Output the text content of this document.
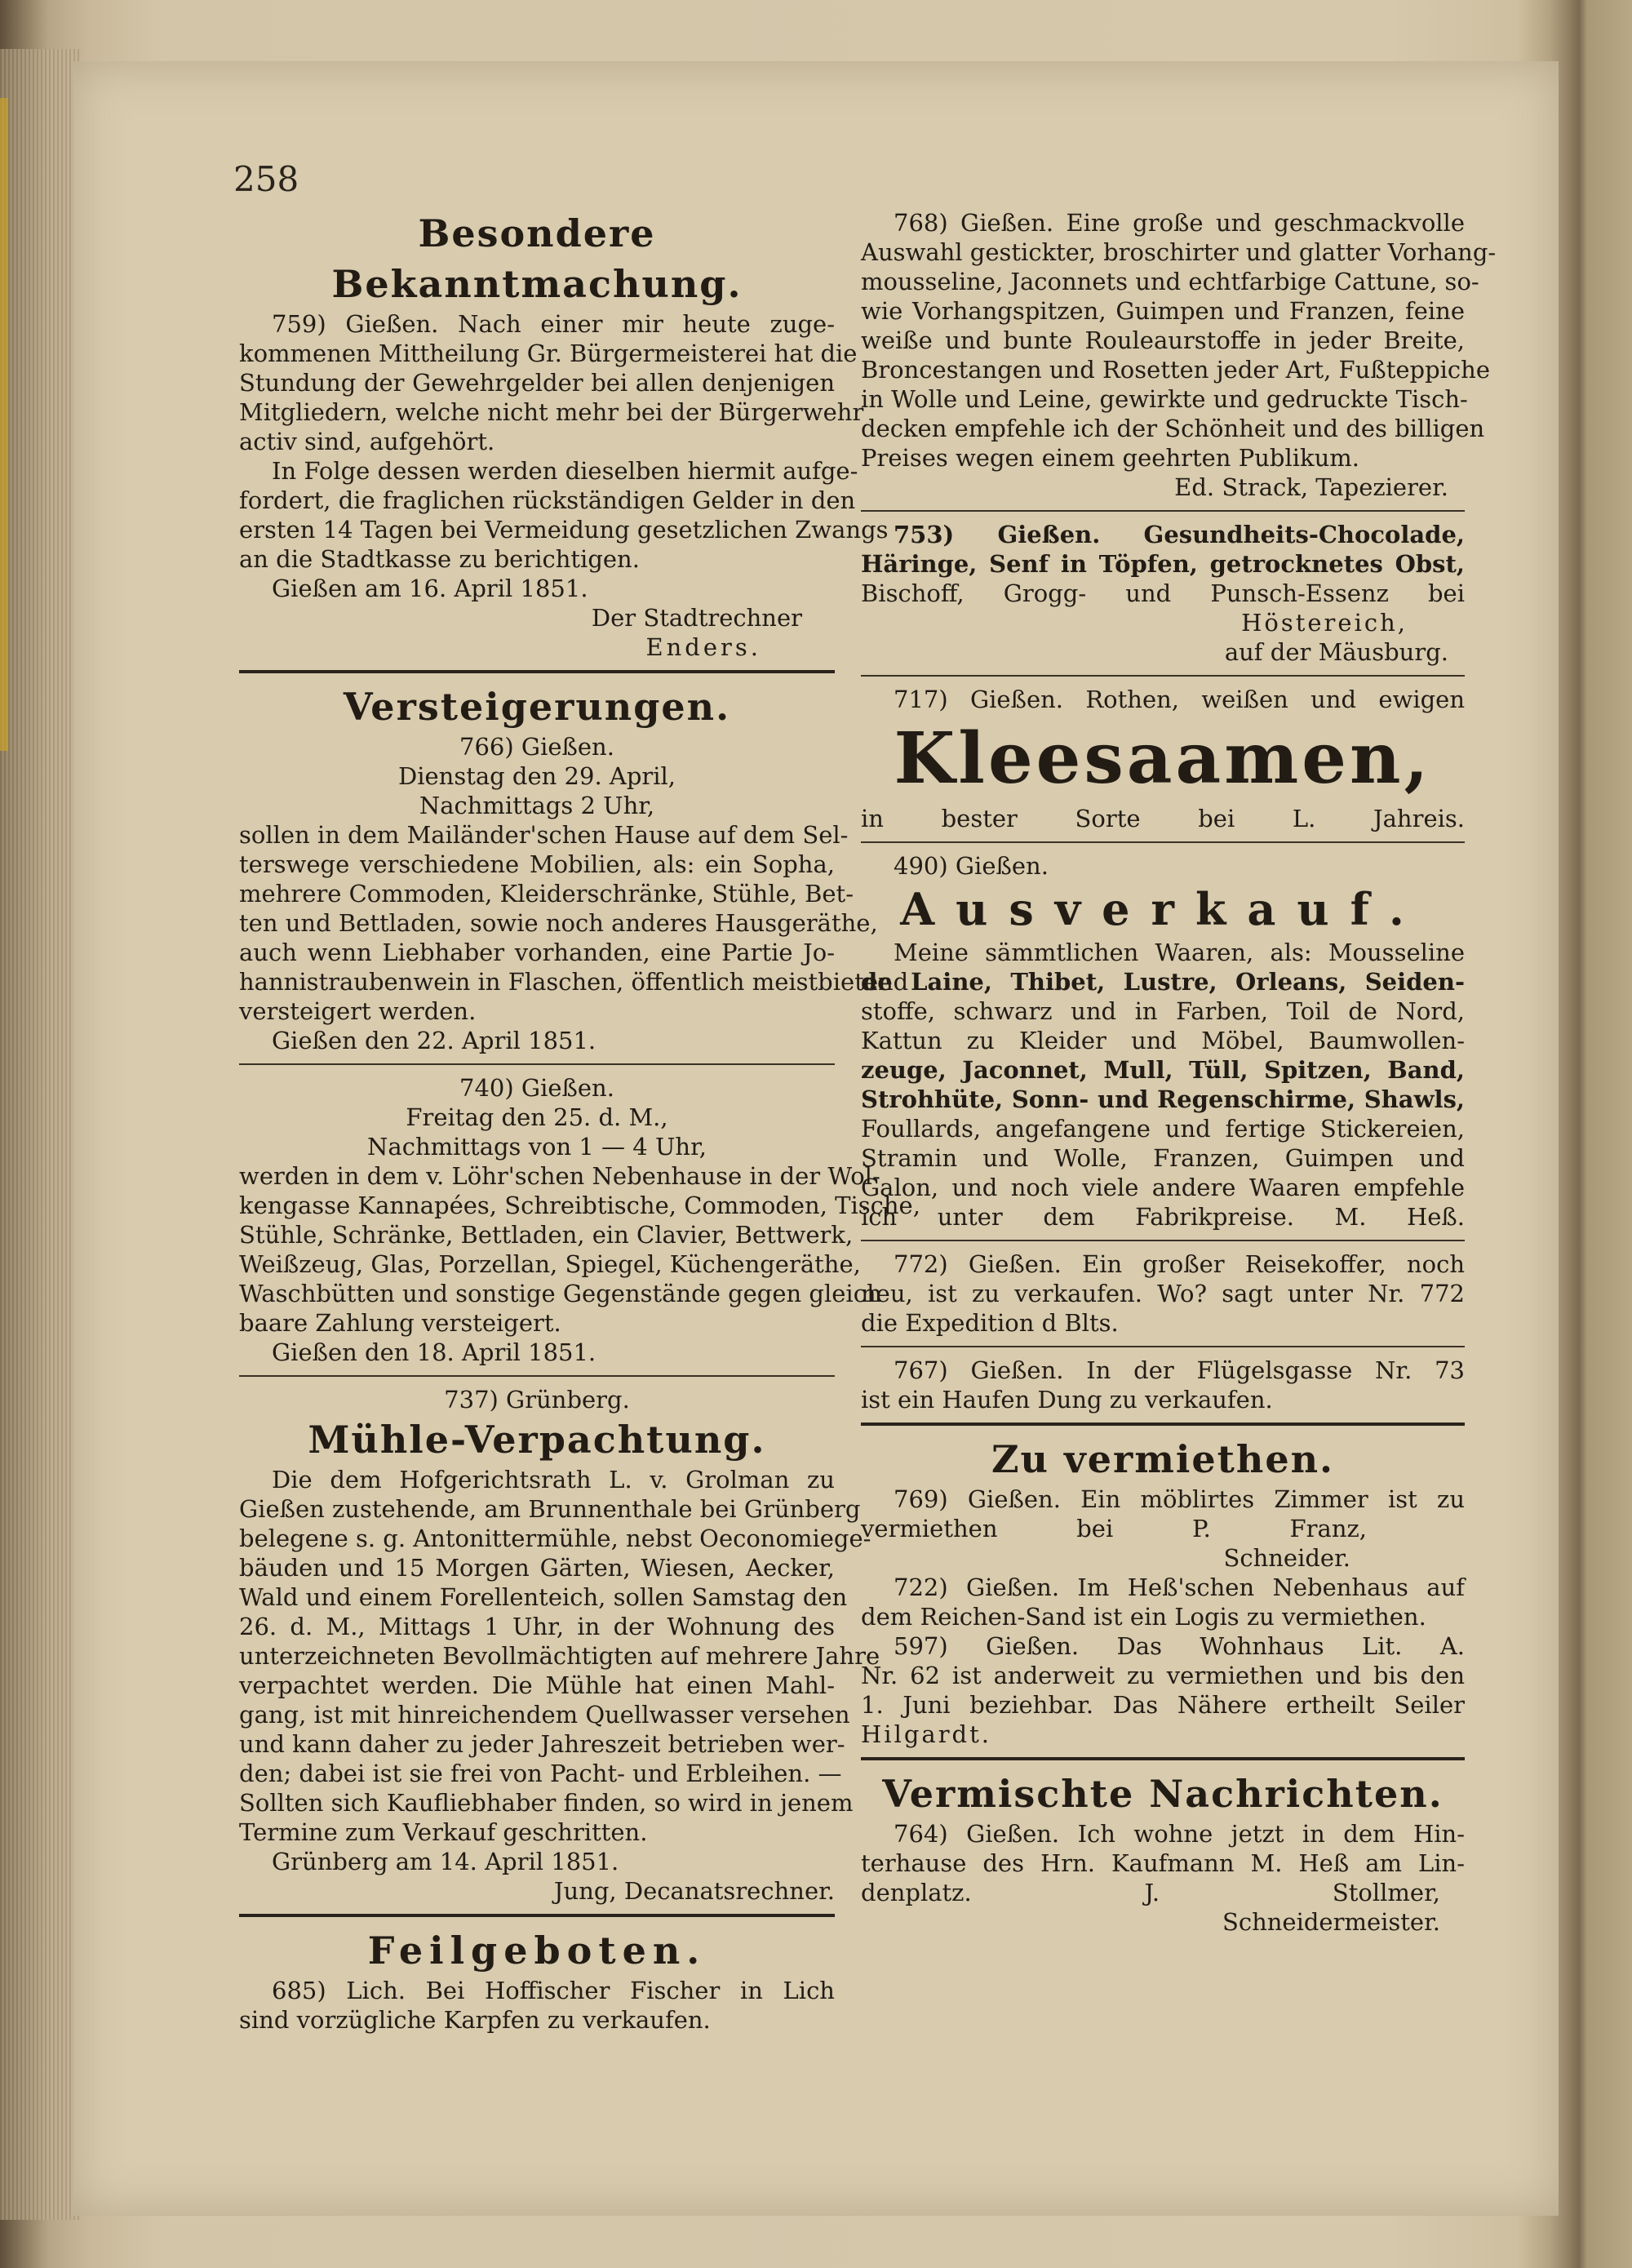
258
Besondere Bekanntmachung.
759) Gießen. Nach einer mir heute zuge-
kommenen Mittheilung Gr. Bürgermeisterei hat die
Stundung der Gewehrgelder bei allen denjenigen
Mitgliedern, welche nicht mehr bei der Bürgerwehr
activ sind, aufgehört.
In Folge dessen werden dieselben hiermit aufge-
fordert, die fraglichen rückständigen Gelder in den
ersten 14 Tagen bei Vermeidung gesetzlichen Zwangs
an die Stadtkasse zu berichtigen.
Gießen am 16. April 1851.
Der Stadtrechner
Enders.
Versteigerungen.
766) Gießen.
Dienstag den 29. April,
Nachmittags 2 Uhr,
sollen in dem Mailänder'schen Hause auf dem Sel-
terswege verschiedene Mobilien, als: ein Sopha,
mehrere Commoden, Kleiderschränke, Stühle, Bet-
ten und Bettladen, sowie noch anderes Hausgeräthe,
auch wenn Liebhaber vorhanden, eine Partie Jo-
hannistraubenwein in Flaschen, öffentlich meistbietend
versteigert werden.
Gießen den 22. April 1851.
740) Gießen.
Freitag den 25. d. M.,
Nachmittags von 1 — 4 Uhr,
werden in dem v. Löhr'schen Nebenhause in der Wol-
kengasse Kannapées, Schreibtische, Commoden, Tische,
Stühle, Schränke, Bettladen, ein Clavier, Bettwerk,
Weißzeug, Glas, Porzellan, Spiegel, Küchengeräthe,
Waschbütten und sonstige Gegenstände gegen gleich
baare Zahlung versteigert.
Gießen den 18. April 1851.
737) Grünberg.
Mühle-Verpachtung.
Die dem Hofgerichtsrath L. v. Grolman zu
Gießen zustehende, am Brunnenthale bei Grünberg
belegene s. g. Antonittermühle, nebst Oeconomiege-
bäuden und 15 Morgen Gärten, Wiesen, Aecker,
Wald und einem Forellenteich, sollen Samstag den
26. d. M., Mittags 1 Uhr, in der Wohnung des
unterzeichneten Bevollmächtigten auf mehrere Jahre
verpachtet werden. Die Mühle hat einen Mahl-
gang, ist mit hinreichendem Quellwasser versehen
und kann daher zu jeder Jahreszeit betrieben wer-
den; dabei ist sie frei von Pacht- und Erbleihen. —
Sollten sich Kaufliebhaber finden, so wird in jenem
Termine zum Verkauf geschritten.
Grünberg am 14. April 1851.
Jung, Decanatsrechner.
Feilgeboten.
685) Lich. Bei Hoffischer Fischer in Lich
sind vorzügliche Karpfen zu verkaufen.
768) Gießen. Eine große und geschmackvolle
Auswahl gestickter, broschirter und glatter Vorhang-
mousseline, Jaconnets und echtfarbige Cattune, so-
wie Vorhangspitzen, Guimpen und Franzen, feine
weiße und bunte Rouleaurstoffe in jeder Breite,
Broncestangen und Rosetten jeder Art, Fußteppiche
in Wolle und Leine, gewirkte und gedruckte Tisch-
decken empfehle ich der Schönheit und des billigen
Preises wegen einem geehrten Publikum.
Ed. Strack, Tapezierer.
753) Gießen. Gesundheits-Chocolade,
Häringe, Senf in Töpfen, getrocknetes Obst,
Bischoff, Grogg- und Punsch-Essenz bei
Höstereich,
auf der Mäusburg.
717) Gießen. Rothen, weißen und ewigen
Kleesaamen,
in bester Sorte bei L. Jahreis.
490) Gießen.
Ausverkauf.
Meine sämmtlichen Waaren, als: Mousseline
de Laine, Thibet, Lustre, Orleans, Seiden-
stoffe, schwarz und in Farben, Toil de Nord,
Kattun zu Kleider und Möbel, Baumwollen-
zeuge, Jaconnet, Mull, Tüll, Spitzen, Band,
Strohhüte, Sonn- und Regenschirme, Shawls,
Foullards, angefangene und fertige Stickereien,
Stramin und Wolle, Franzen, Guimpen und
Galon, und noch viele andere Waaren empfehle
ich unter dem Fabrikpreise. M. Heß.
772) Gießen. Ein großer Reisekoffer, noch
neu, ist zu verkaufen. Wo? sagt unter Nr. 772
die Expedition d Blts.
767) Gießen. In der Flügelsgasse Nr. 73
ist ein Haufen Dung zu verkaufen.
Zu vermiethen.
769) Gießen. Ein möblirtes Zimmer ist zu
vermiethen bei P. Franz,
Schneider.
722) Gießen. Im Heß'schen Nebenhaus auf
dem Reichen-Sand ist ein Logis zu vermiethen.
597) Gießen. Das Wohnhaus Lit. A.
Nr. 62 ist anderweit zu vermiethen und bis den
1. Juni beziehbar. Das Nähere ertheilt Seiler
Hilgardt.
Vermischte Nachrichten.
764) Gießen. Ich wohne jetzt in dem Hin-
terhause des Hrn. Kaufmann M. Heß am Lin-
denplatz. J. Stollmer,
Schneidermeister.
